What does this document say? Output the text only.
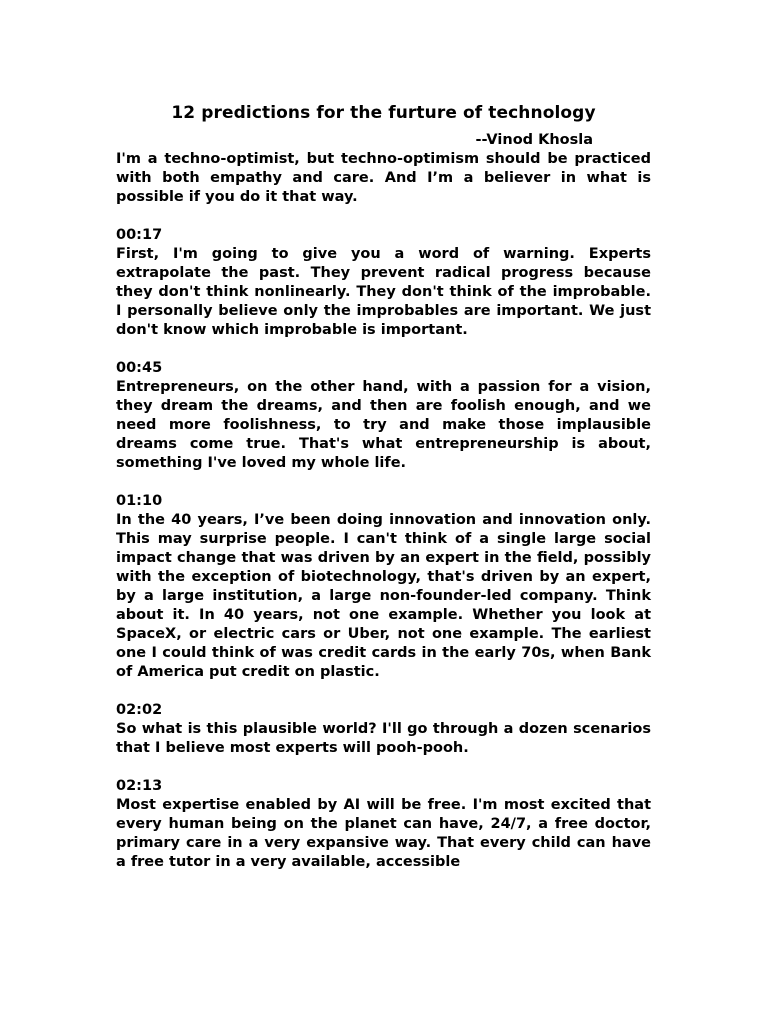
12 predictions for the furture of technology
--Vinod Khosla

I'm a techno-optimist, but techno-optimism should be practiced with both empathy and care. And I’m a believer in what is possible if you do it that way.

00:17

First, I'm going to give you a word of warning. Experts extrapolate the past. They prevent radical progress because they don't think nonlinearly. They don't think of the improbable. I personally believe only the improbables are important. We just don't know which improbable is important.

00:45

Entrepreneurs, on the other hand, with a passion for a vision, they dream the dreams, and then are foolish enough, and we need more foolishness, to try and make those implausible dreams come true. That's what entrepreneurship is about, something I've loved my whole life.

01:10

In the 40 years, I’ve been doing innovation and innovation only. This may surprise people. I can't think of a single large social impact change that was driven by an expert in the field, possibly with the exception of biotechnology, that's driven by an expert, by a large institution, a large non-founder-led company. Think about it. In 40 years, not one example. Whether you look at SpaceX, or electric cars or Uber, not one example. The earliest one I could think of was credit cards in the early 70s, when Bank of America put credit on plastic.

02:02

So what is this plausible world? I'll go through a dozen scenarios that I believe most experts will pooh-pooh.

02:13

Most expertise enabled by AI will be free. I'm most excited that every human being on the planet can have, 24/7, a free doctor, primary care in a very expansive way. That every child can have a free tutor in a very available, accessible
